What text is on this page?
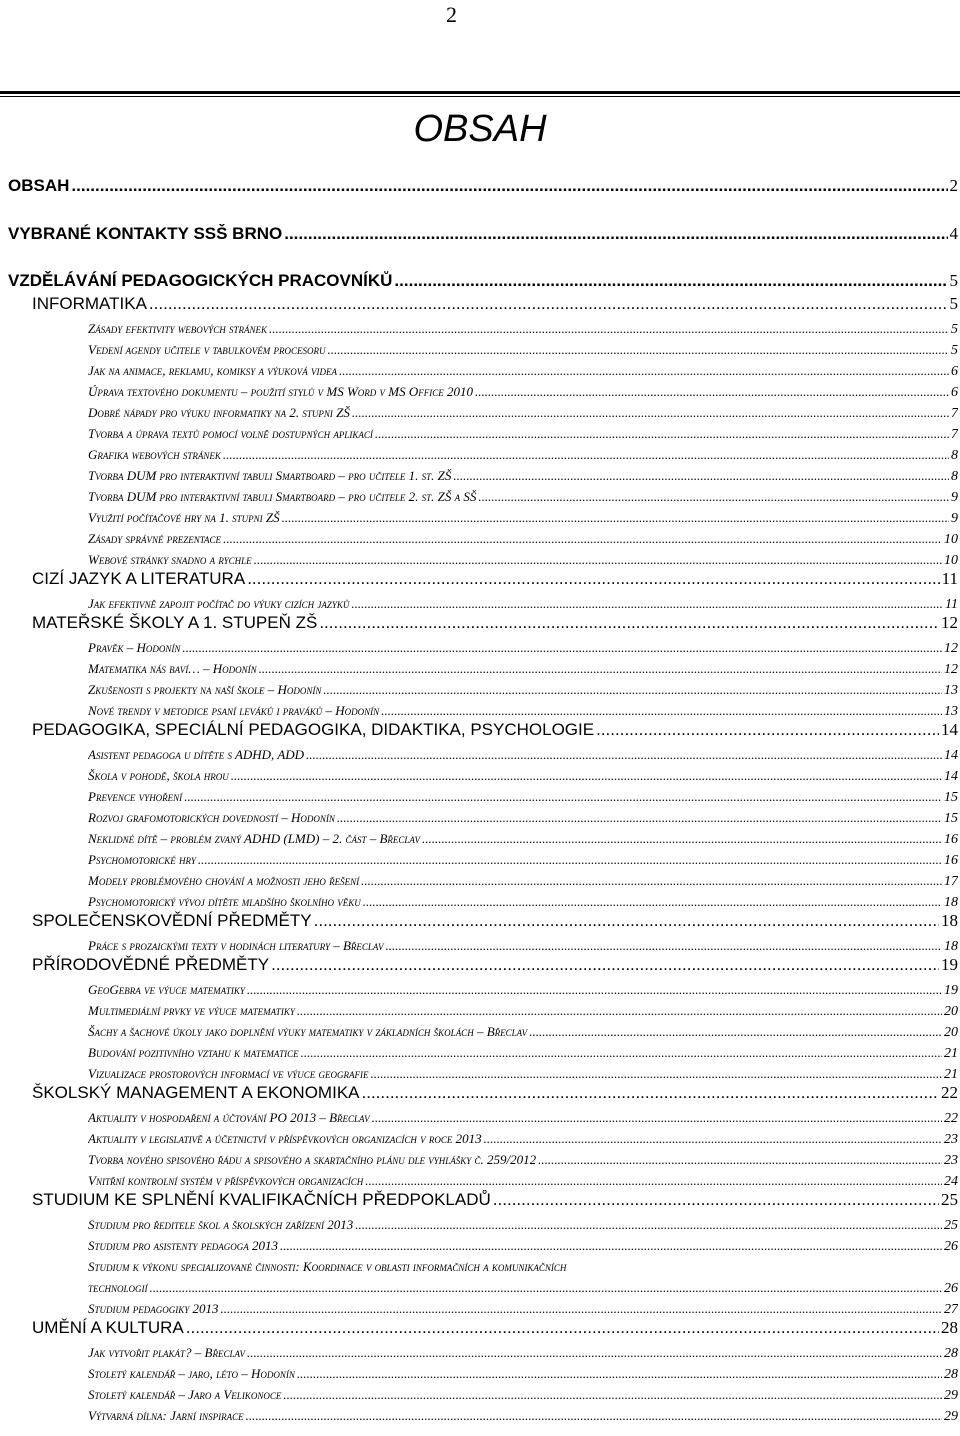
2
OBSAH
OBSAH .....	2
VYBRANÉ KONTAKTY SSŠ BRNO .....	4
VZDĚLÁVÁNÍ PEDAGOGICKÝCH PRACOVNÍKŮ .....	5
INFORMATIKA .....	5
Zásady efektivity webových stránek .....	5
Vedení agendy učitele v tabulkovém procesoru .....	5
Jak na animace, reklamu, komiksy a výuková videa .....	6
Úprava textového dokumentu – použití stylů v MS Word v MS Office 2010 .....	6
Dobré nápady pro výuku informatiky na 2. stupni ZŠ .....	7
Tvorba a úprava textů pomocí volně dostupných aplikací .....	7
Grafika webových stránek .....	8
Tvorba DUM pro interaktivní tabuli Smartboard – pro učitele 1. st. ZŠ .....	8
Tvorba DUM pro interaktivní tabuli Smartboard – pro učitele 2. st. ZŠ a SŠ .....	9
Využití počítačové hry na 1. stupni ZŠ .....	9
Zásady správné prezentace .....	10
Webové stránky snadno a rychle .....	10
CIZÍ JAZYK A LITERATURA .....	11
Jak efektivně zapojit počítač do výuky cizích jazyků .....	11
MATEŘSKÉ ŠKOLY A 1. STUPEŇ ZŠ .....	12
Pravěk – Hodonín .....	12
Matematika nás baví… – Hodonín .....	12
Zkušenosti s projekty na naší škole – Hodonín .....	13
Nové trendy v metodice psaní leváků i praváků – Hodonín .....	13
PEDAGOGIKA, SPECIÁLNÍ PEDAGOGIKA, DIDAKTIKA, PSYCHOLOGIE .....	14
Asistent pedagoga u dítěte s ADHD, ADD .....	14
Škola v pohodě, škola hrou .....	14
Prevence vyhoření .....	15
Rozvoj grafomotorických dovedností – Hodonín .....	15
Neklidné dítě – problém zvaný ADHD (LMD) – 2. část – Břeclav .....	16
Psychomotorické hry .....	16
Modely problémového chování a možnosti jeho řešení .....	17
Psychomotorický vývoj dítěte mladšího školního věku .....	18
SPOLEČENSKOVĚDNÍ PŘEDMĚTY .....	18
Práce s prozaickými texty v hodinách literatury – Břeclav .....	18
PŘÍRODOVĚDNÉ PŘEDMĚTY .....	19
GeoGebra ve výuce matematiky .....	19
Multimediální prvky ve výuce matematiky .....	20
Šachy a šachové úkoly jako doplnění výuky matematiky v základních školách – Břeclav .....	20
Budování pozitivního vztahu k matematice .....	21
Vizualizace prostorových informací ve výuce geografie .....	21
ŠKOLSKÝ MANAGEMENT A EKONOMIKA .....	22
Aktuality v hospodaření a účtování PO 2013 – Břeclav .....	22
Aktuality v legislativě a účetnictví v příspěvkových organizacích v roce 2013 .....	23
Tvorba nového spisového řádu a spisového a skartačního plánu dle vyhlášky č. 259/2012 .....	23
Vnitřní kontrolní systém v příspěvkových organizacích .....	24
STUDIUM KE SPLNĚNÍ KVALIFIKAČNÍCH PŘEDPOKLADŮ .....	25
Studium pro ředitele škol a školských zařízení 2013 .....	25
Studium pro asistenty pedagoga 2013 .....	26
Studium k výkonu specializované činnosti: Koordinace v oblasti informačních a komunikačních
technologií .....	26
Studium pedagogiky 2013 .....	27
UMĚNÍ A KULTURA .....	28
Jak vytvořit plakát? – Břeclav .....	28
Stoletý kalendář – jaro, léto – Hodonín .....	28
Stoletý kalendář – Jaro a Velikonoce .....	29
Výtvarná dílna: Jarní inspirace .....	29
